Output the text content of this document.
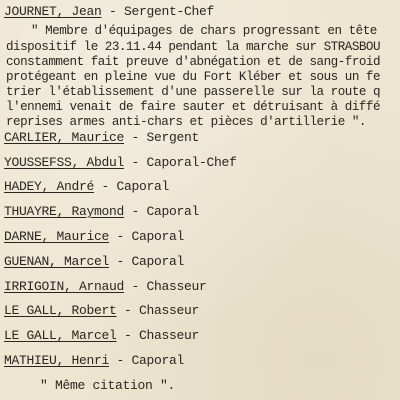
JOURNET, Jean - Sergent-Chef
" Membre d'équipages de chars progressant en tête
dispositif le 23.11.44 pendant la marche sur STRASBOU
constamment fait preuve d'abnégation et de sang-froid
protégeant en pleine vue du Fort Kléber et sous un fe
trier l'établissement d'une passerelle sur la route q
l'ennemi venait de faire sauter et détruisant à diffé
reprises armes anti-chars et pièces d'artillerie ".
CARLIER, Maurice - Sergent
YOUSSEFSS, Abdul - Caporal-Chef
HADEY, André - Caporal
THUAYRE, Raymond - Caporal
DARNE, Maurice - Caporal
GUENAN, Marcel - Caporal
IRRIGOIN, Arnaud - Chasseur
LE GALL, Robert - Chasseur
LE GALL, Marcel - Chasseur
MATHIEU, Henri - Caporal
" Même citation ".
